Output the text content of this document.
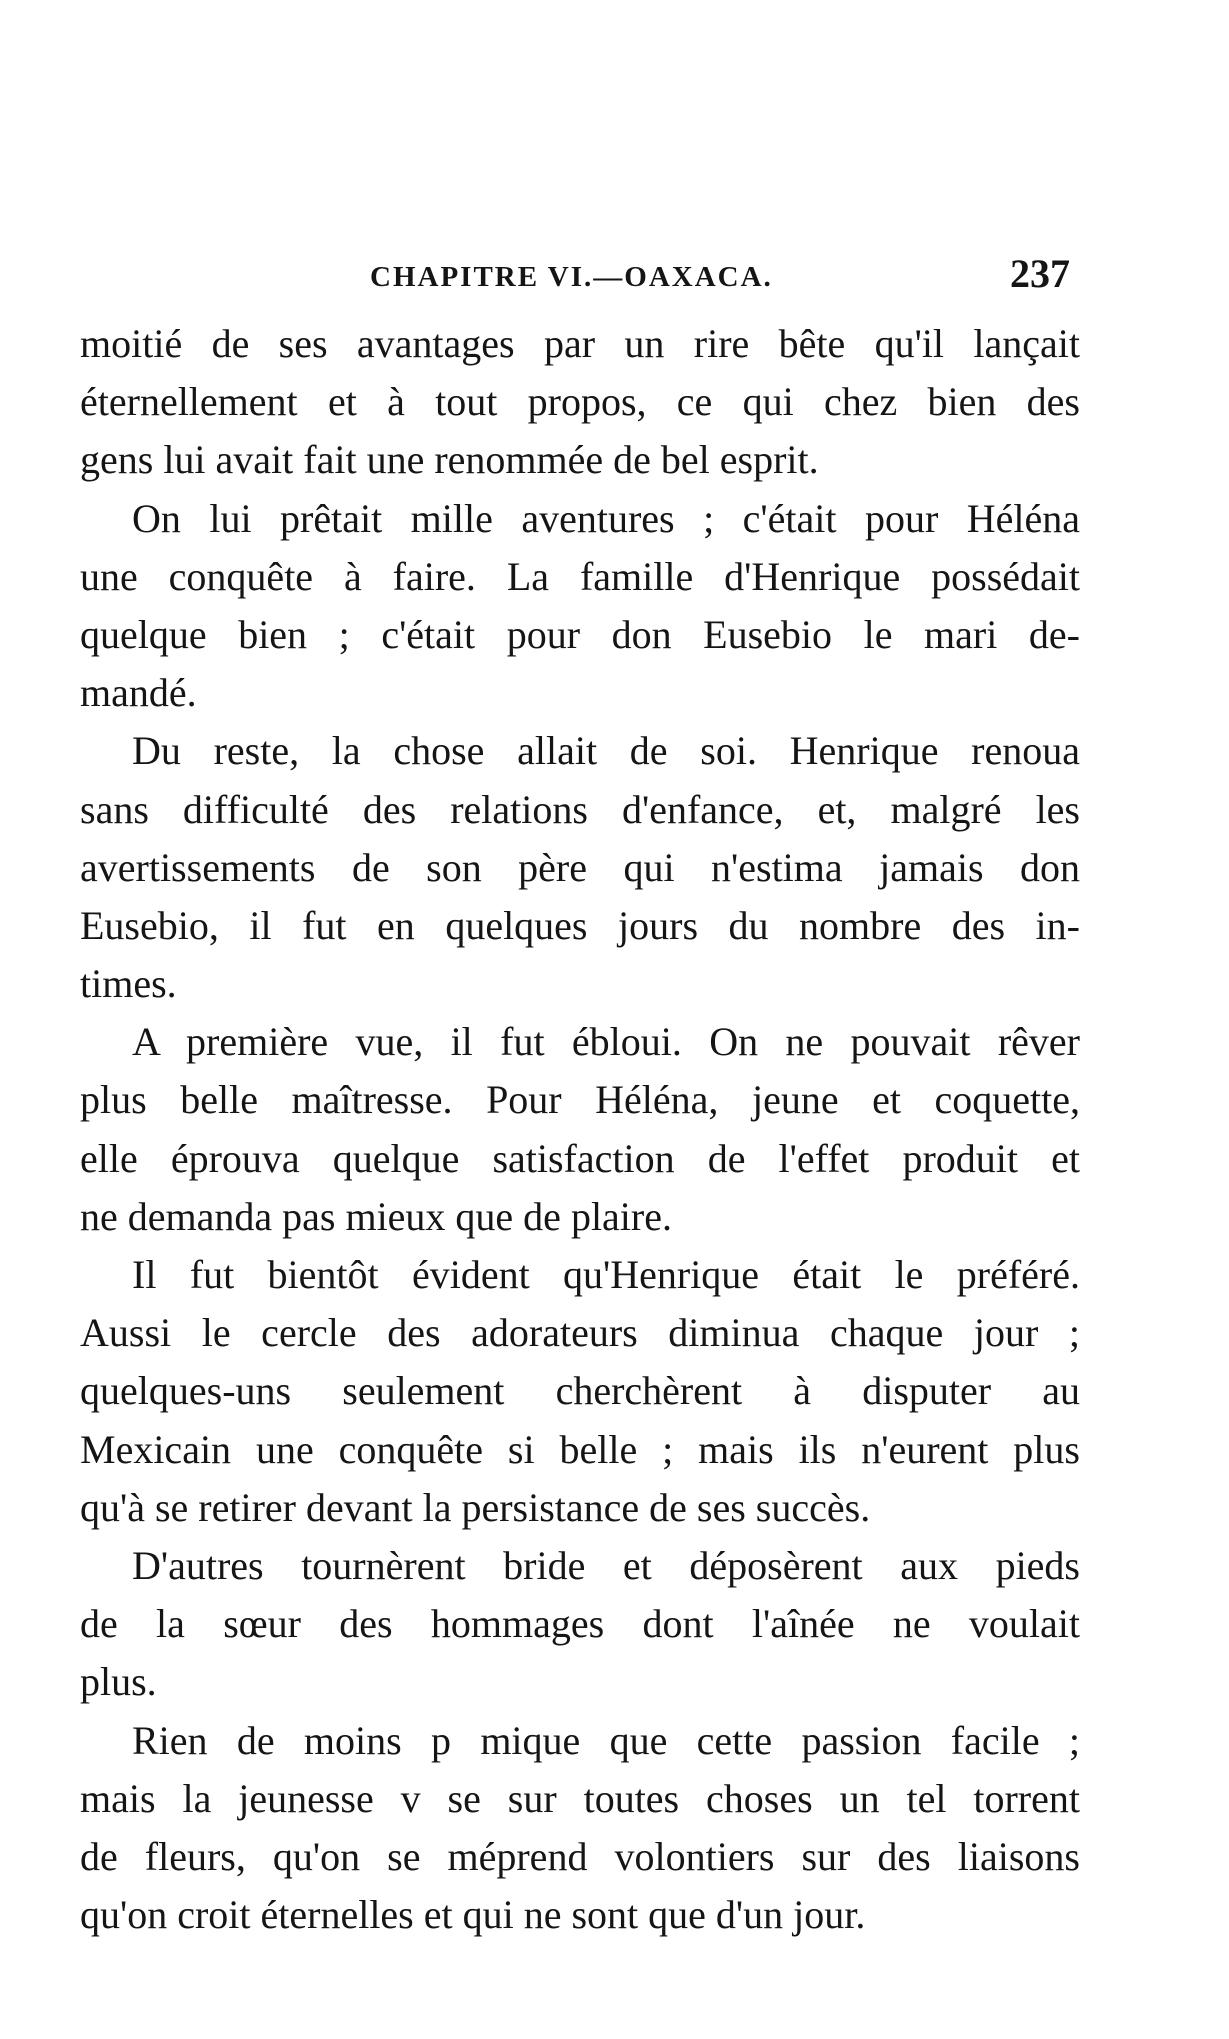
CHAPITRE VI.—OAXACA.	237
moitié de ses avantages par un rire bête qu'il lançait
éternellement et à tout propos, ce qui chez bien des
gens lui avait fait une renommée de bel esprit.
On lui prêtait mille aventures ; c'était pour Héléna
une conquête à faire. La famille d'Henrique possédait
quelque bien ; c'était pour don Eusebio le mari de-
mandé.
Du reste, la chose allait de soi. Henrique renoua
sans difficulté des relations d'enfance, et, malgré les
avertissements de son père qui n'estima jamais don
Eusebio, il fut en quelques jours du nombre des in-
times.
A première vue, il fut ébloui. On ne pouvait rêver
plus belle maîtresse. Pour Héléna, jeune et coquette,
elle éprouva quelque satisfaction de l'effet produit et
ne demanda pas mieux que de plaire.
Il fut bientôt évident qu'Henrique était le préféré.
Aussi le cercle des adorateurs diminua chaque jour ;
quelques-uns seulement cherchèrent à disputer au
Mexicain une conquête si belle ; mais ils n'eurent plus
qu'à se retirer devant la persistance de ses succès.
D'autres tournèrent bride et déposèrent aux pieds
de la sœur des hommages dont l'aînée ne voulait
plus.
Rien de moins p mique que cette passion facile ;
mais la jeunesse v se sur toutes choses un tel torrent
de fleurs, qu'on se méprend volontiers sur des liaisons
qu'on croit éternelles et qui ne sont que d'un jour.
